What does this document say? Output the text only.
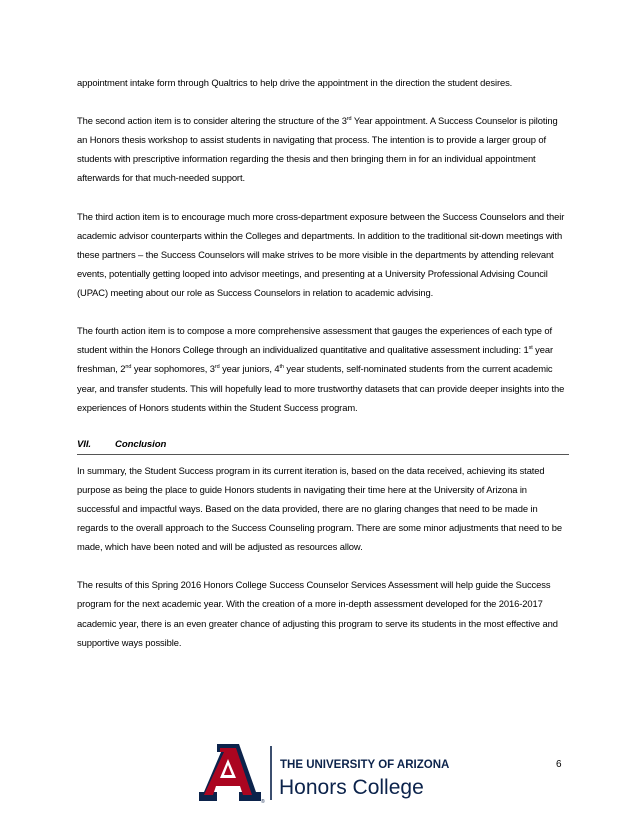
appointment intake form through Qualtrics to help drive the appointment in the direction the student desires.

The second action item is to consider altering the structure of the 3rd Year appointment. A Success Counselor is piloting an Honors thesis workshop to assist students in navigating that process. The intention is to provide a larger group of students with prescriptive information regarding the thesis and then bringing them in for an individual appointment afterwards for that much-needed support.

The third action item is to encourage much more cross-department exposure between the Success Counselors and their academic advisor counterparts within the Colleges and departments. In addition to the traditional sit-down meetings with these partners – the Success Counselors will make strives to be more visible in the departments by attending relevant events, potentially getting looped into advisor meetings, and presenting at a University Professional Advising Council (UPAC) meeting about our role as Success Counselors in relation to academic advising.

The fourth action item is to compose a more comprehensive assessment that gauges the experiences of each type of student within the Honors College through an individualized quantitative and qualitative assessment including: 1st year freshman, 2nd year sophomores, 3rd year juniors, 4th year students, self-nominated students from the current academic year, and transfer students. This will hopefully lead to more trustworthy datasets that can provide deeper insights into the experiences of Honors students within the Student Success program.

VII.	Conclusion

In summary, the Student Success program in its current iteration is, based on the data received, achieving its stated purpose as being the place to guide Honors students in navigating their time here at the University of Arizona in successful and impactful ways. Based on the data provided, there are no glaring changes that need to be made in regards to the overall approach to the Success Counseling program. There are some minor adjustments that need to be made, which have been noted and will be adjusted as resources allow.

The results of this Spring 2016 Honors College Success Counselor Services Assessment will help guide the Success program for the next academic year. With the creation of a more in-depth assessment developed for the 2016-2017 academic year, there is an even greater chance of adjusting this program to serve its students in the most effective and supportive ways possible.

®
THE UNIVERSITY OF ARIZONA
Honors College
6
